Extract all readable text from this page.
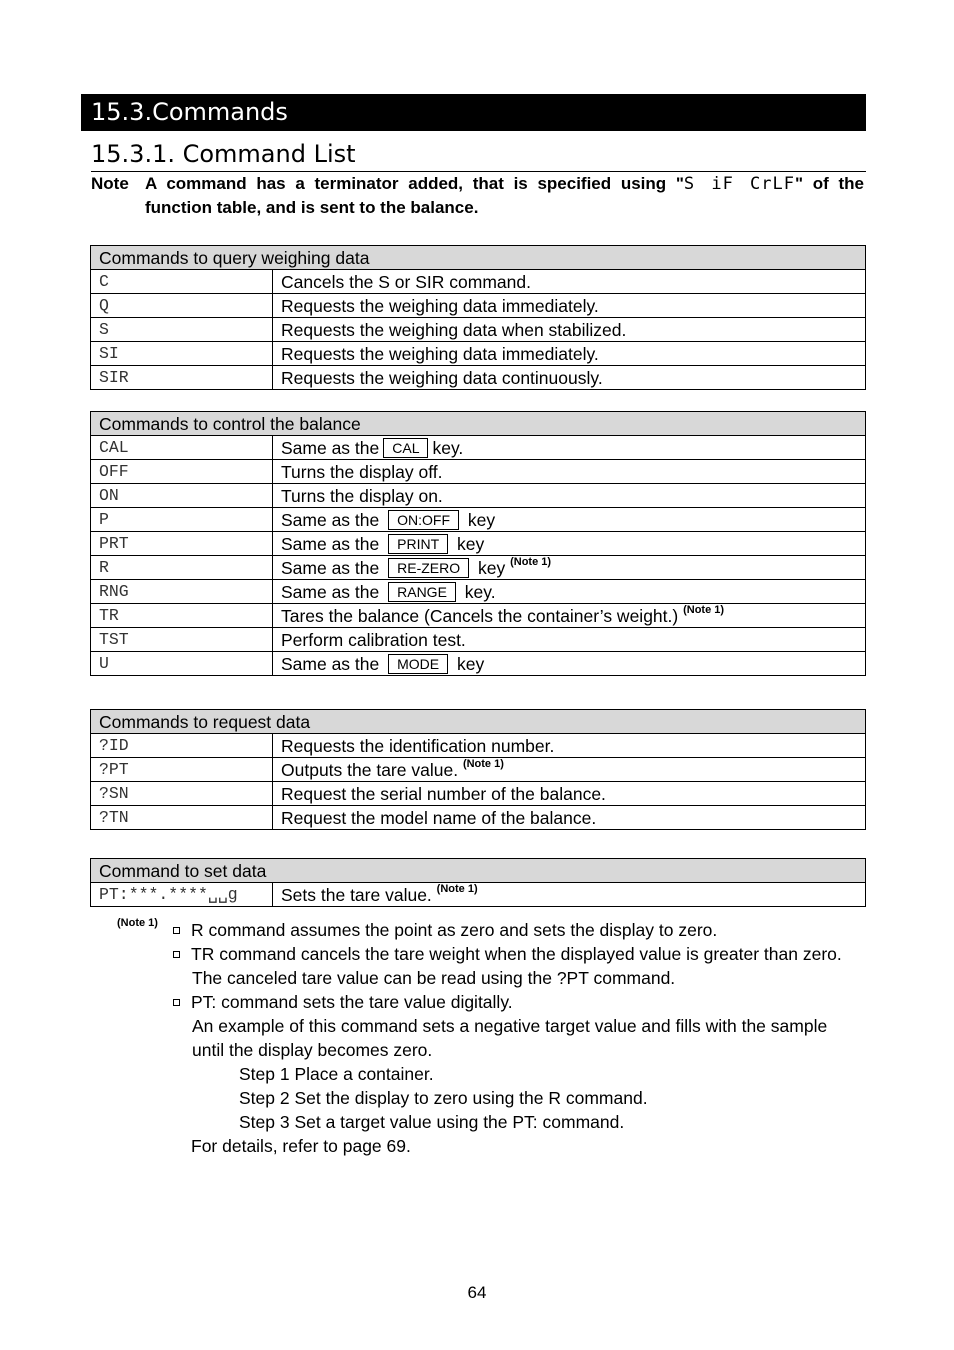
15.3.Commands
15.3.1. Command List
Note A command has a terminator added, that is specified using "S iF CrLF" of the function table, and is sent to the balance.
Commands to query weighing data	
C	Cancels the S or SIR command.
Q	Requests the weighing data immediately.
S	Requests the weighing data when stabilized.
SI	Requests the weighing data immediately.
SIR	Requests the weighing data continuously.
Commands to control the balance	
CAL	Same as the CAL key.
OFF	Turns the display off.
ON	Turns the display on.
P	Same as the ON:OFF key
PRT	Same as the PRINT key
R	Same as the RE-ZERO key $^{(Note 1)}$
RNG	Same as the RANGE key.
TR	Tares the balance (Cancels the container’s weight.) $^{(Note 1)}$
TST	Perform calibration test.
U	Same as the MODE key
Commands to request data	
?ID	Requests the identification number.
?PT	Outputs the tare value. $^{(Note 1)}$
?SN	Request the serial number of the balance.
?TN	Request the model name of the balance.
Command to set data
PT:***.****␣␣g	Sets the tare value. $^{(Note 1)}$
(Note 1) R command assumes the point as zero and sets the display to zero.
TR command cancels the tare weight when the displayed value is greater than zero.
The canceled tare value can be read using the ?PT command.
PT: command sets the tare value digitally.
An example of this command sets a negative target value and fills with the sample
until the display becomes zero.
Step 1 Place a container.
Step 2 Set the display to zero using the R command.
Step 3 Set a target value using the PT: command.
For details, refer to page 69.
64
